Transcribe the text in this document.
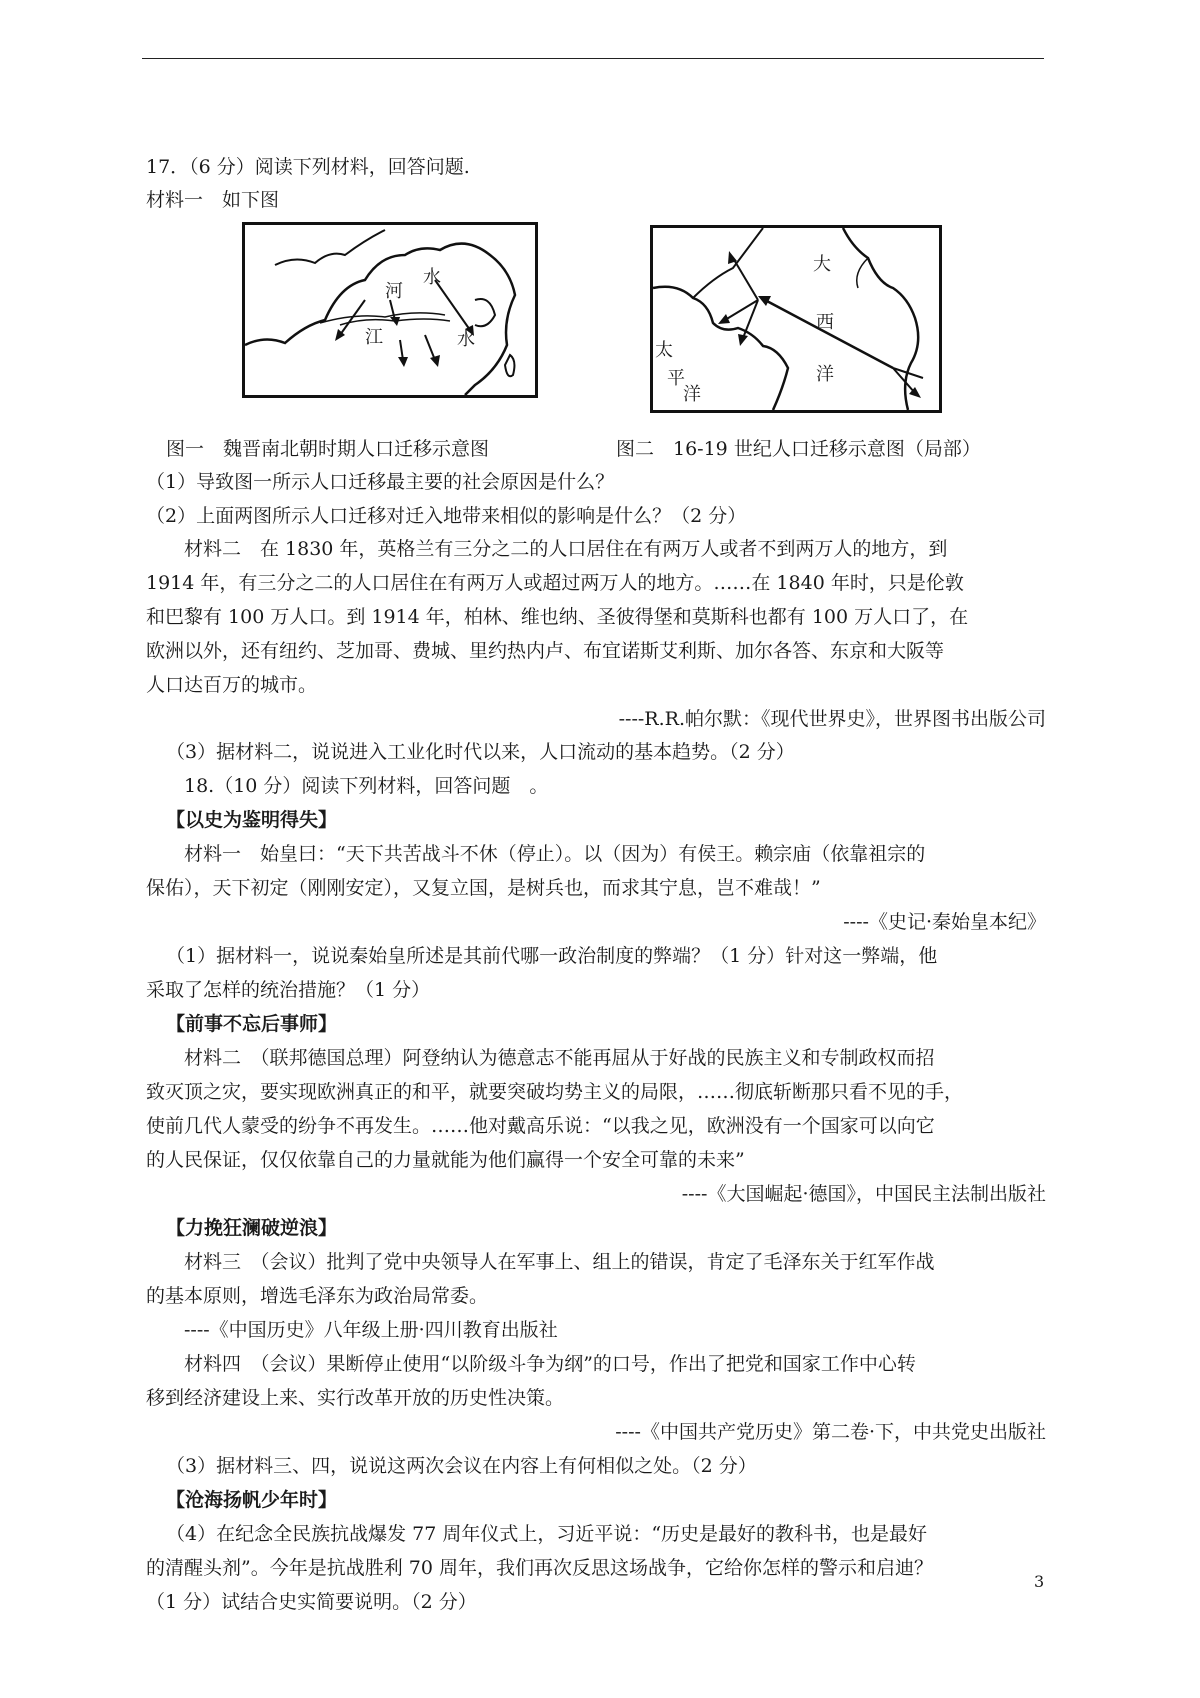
17．（6 分）阅读下列材料，回答问题.
材料一　如下图
河
水
江	水
大
西
洋
太
平
洋
图一　魏晋南北朝时期人口迁移示意图	图二　16-19 世纪人口迁移示意图（局部）
（1）导致图一所示人口迁移最主要的社会原因是什么？
（2）上面两图所示人口迁移对迁入地带来相似的影响是什么？（2 分）
材料二　在 1830 年，英格兰有三分之二的人口居住在有两万人或者不到两万人的地方，到
1914 年，有三分之二的人口居住在有两万人或超过两万人的地方。……在 1840 年时，只是伦敦
和巴黎有 100 万人口。到 1914 年，柏林、维也纳、圣彼得堡和莫斯科也都有 100 万人口了，在
欧洲以外，还有纽约、芝加哥、费城、里约热内卢、布宜诺斯艾利斯、加尔各答、东京和大阪等
人口达百万的城市。
----R.R.帕尔默：《现代世界史》，世界图书出版公司
（3）据材料二，说说进入工业化时代以来，人口流动的基本趋势。（2 分）
18.（10 分）阅读下列材料，回答问题　。
【以史为鉴明得失】
材料一　始皇曰：“天下共苦战斗不休（停止）。以（因为）有侯王。赖宗庙（依靠祖宗的
保佑），天下初定（刚刚安定），又复立国，是树兵也，而求其宁息，岂不难哉！”
----《史记·秦始皇本纪》
（1）据材料一，说说秦始皇所述是其前代哪一政治制度的弊端？（1 分）针对这一弊端，他
采取了怎样的统治措施？（1 分）
【前事不忘后事师】
材料二　（联邦德国总理）阿登纳认为德意志不能再屈从于好战的民族主义和专制政权而招
致灭顶之灾，要实现欧洲真正的和平，就要突破均势主义的局限，……彻底斩断那只看不见的手，
使前几代人蒙受的纷争不再发生。……他对戴高乐说：“以我之见，欧洲没有一个国家可以向它
的人民保证，仅仅依靠自己的力量就能为他们赢得一个安全可靠的未来”
----《大国崛起·德国》，中国民主法制出版社
【力挽狂澜破逆浪】
材料三　（会议）批判了党中央领导人在军事上、组上的错误，肯定了毛泽东关于红军作战
的基本原则，增选毛泽东为政治局常委。
----《中国历史》八年级上册·四川教育出版社
材料四　（会议）果断停止使用“以阶级斗争为纲”的口号，作出了把党和国家工作中心转
移到经济建设上来、实行改革开放的历史性决策。
----《中国共产党历史》第二卷·下，中共党史出版社
（3）据材料三、四，说说这两次会议在内容上有何相似之处。（2 分）
【沧海扬帆少年时】
（4）在纪念全民族抗战爆发 77 周年仪式上，习近平说：“历史是最好的教科书，也是最好
的清醒头剂”。今年是抗战胜利 70 周年，我们再次反思这场战争，它给你怎样的警示和启迪？
（1 分）试结合史实简要说明。（2 分）
3
